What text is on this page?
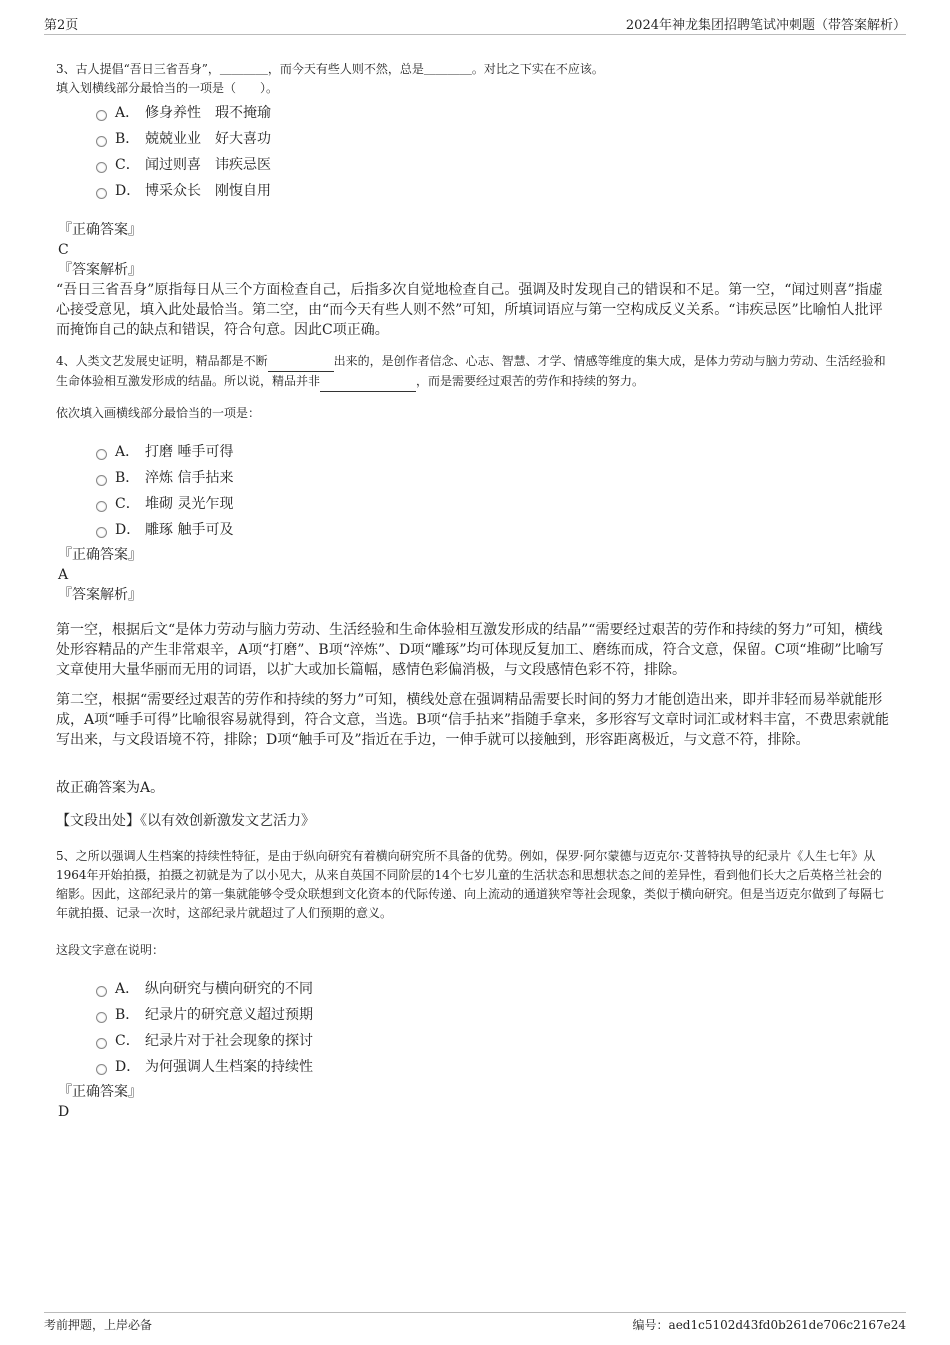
第2页	2024年神龙集团招聘笔试冲刺题（带答案解析）
3、古人提倡“吾日三省吾身”，＿＿＿＿，而今天有些人则不然，总是＿＿＿＿。对比之下实在不应该。
填入划横线部分最恰当的一项是（　　）。
A． 修身养性　瑕不掩瑜
B． 兢兢业业　好大喜功
C． 闻过则喜　讳疾忌医
D． 博采众长　刚愎自用
『正确答案』
C
『答案解析』
“吾日三省吾身”原指每日从三个方面检查自己，后指多次自觉地检查自己。强调及时发现自己的错误和不足。第一空，“闻过则喜”指虚心接受意见，填入此处最恰当。第二空，由“而今天有些人则不然”可知，所填词语应与第一空构成反义关系。“讳疾忌医”比喻怕人批评而掩饰自己的缺点和错误，符合句意。因此C项正确。
4、人类文艺发展史证明，精品都是不断	出来的，是创作者信念、心志、智慧、才学、情感等维度的集大成，是体力劳动与脑力劳动、生活经验和生命体验相互激发形成的结晶。所以说，精品并非	，而是需要经过艰苦的劳作和持续的努力。
依次填入画横线部分最恰当的一项是：
A． 打磨 唾手可得
B． 淬炼 信手拈来
C． 堆砌 灵光乍现
D． 雕琢 触手可及
『正确答案』
A
『答案解析』
第一空，根据后文“是体力劳动与脑力劳动、生活经验和生命体验相互激发形成的结晶”“需要经过艰苦的劳作和持续的努力”可知，横线处形容精品的产生非常艰辛，A项“打磨”、B项“淬炼”、D项“雕琢”均可体现反复加工、磨练而成，符合文意，保留。C项“堆砌”比喻写文章使用大量华丽而无用的词语，以扩大或加长篇幅，感情色彩偏消极，与文段感情色彩不符，排除。
第二空，根据“需要经过艰苦的劳作和持续的努力”可知，横线处意在强调精品需要长时间的努力才能创造出来，即并非轻而易举就能形成，A项“唾手可得”比喻很容易就得到，符合文意，当选。B项“信手拈来”指随手拿来，多形容写文章时词汇或材料丰富，不费思索就能写出来，与文段语境不符，排除；D项“触手可及”指近在手边，一伸手就可以接触到，形容距离极近，与文意不符，排除。
故正确答案为A。
【文段出处】《以有效创新激发文艺活力》
5、之所以强调人生档案的持续性特征，是由于纵向研究有着横向研究所不具备的优势。例如，保罗·阿尔蒙德与迈克尔·艾普特执导的纪录片《人生七年》从1964年开始拍摄，拍摄之初就是为了以小见大，从来自英国不同阶层的14个七岁儿童的生活状态和思想状态之间的差异性，看到他们长大之后英格兰社会的缩影。因此，这部纪录片的第一集就能够令受众联想到文化资本的代际传递、向上流动的通道狭窄等社会现象，类似于横向研究。但是当迈克尔做到了每隔七年就拍摄、记录一次时，这部纪录片就超过了人们预期的意义。
这段文字意在说明：
A． 纵向研究与横向研究的不同
B． 纪录片的研究意义超过预期
C． 纪录片对于社会现象的探讨
D． 为何强调人生档案的持续性
『正确答案』
D
考前押题，上岸必备	编号：aed1c5102d43fd0b261de706c2167e24
